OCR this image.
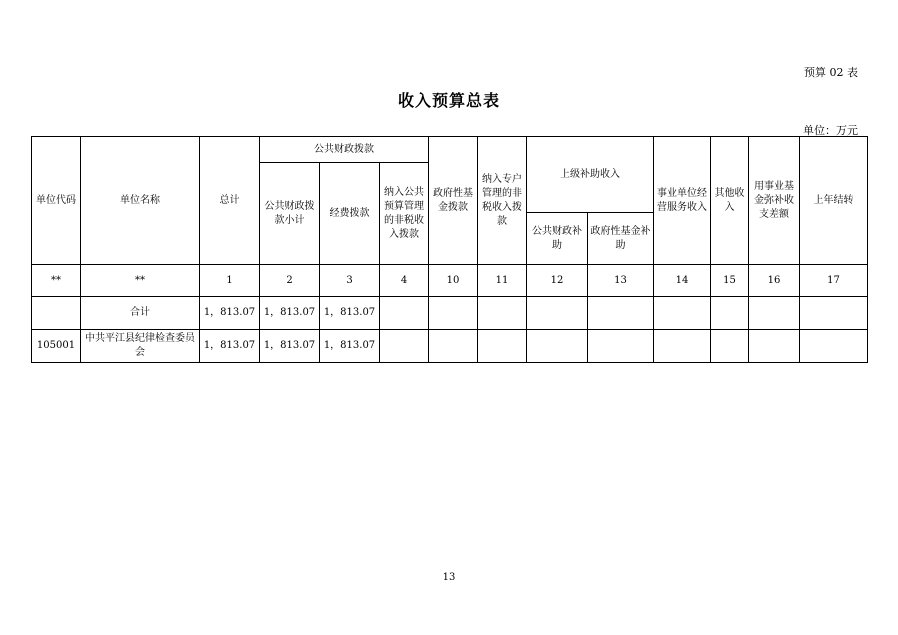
预算 02 表
收入预算总表
单位：万元
单位代码	单位名称	总计	公共财政拨款			政府性基金拨款	纳入专户管理的非税收入拨款	上级补助收入		事业单位经营服务收入	其他收入	用事业基金弥补收支差额	上年结转
			公共财政拨款小计	经费拨款	纳入公共预算管理的非税收入拨款								
								公共财政补助	政府性基金补助				
**	**	1	2	3	4	10	11	12	13	14	15	16	17
	合计	1，813.07	1，813.07	1，813.07									
105001	中共平江县纪律检查委员会	1，813.07	1，813.07	1，813.07									
13
